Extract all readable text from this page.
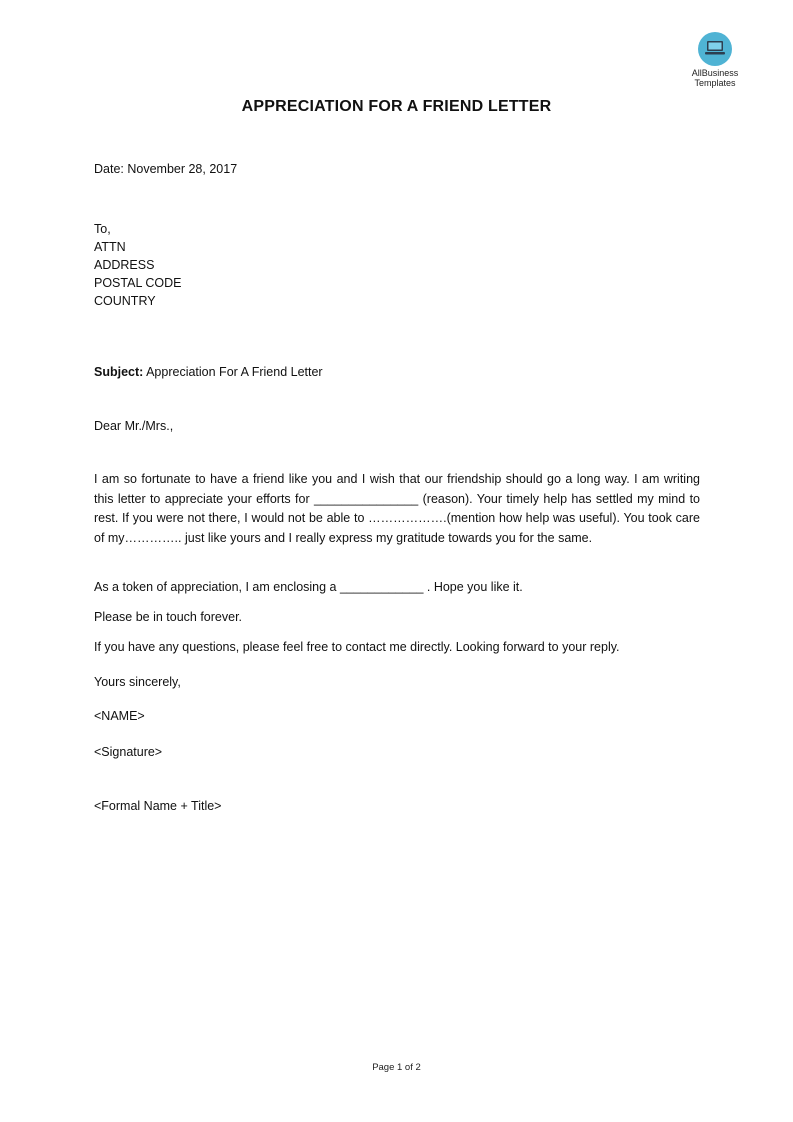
AllBusiness
Templates
APPRECIATION FOR A FRIEND LETTER
Date: November 28, 2017
To,
ATTN
ADDRESS
POSTAL CODE
COUNTRY
Subject: Appreciation For A Friend Letter
Dear Mr./Mrs.,
I am so fortunate to have a friend like you and I wish that our friendship should go a long way. I am writing this letter to appreciate your efforts for _______________ (reason). Your timely help has settled my mind to rest. If you were not there, I would not be able to ……………….(mention how help was useful). You took care of my………….. just like yours and I really express my gratitude towards you for the same.
As a token of appreciation, I am enclosing a ____________ . Hope you like it.
Please be in touch forever.
If you have any questions, please feel free to contact me directly. Looking forward to your reply.
Yours sincerely,
<NAME>
<Signature>
<Formal Name + Title>
Page 1 of 2
